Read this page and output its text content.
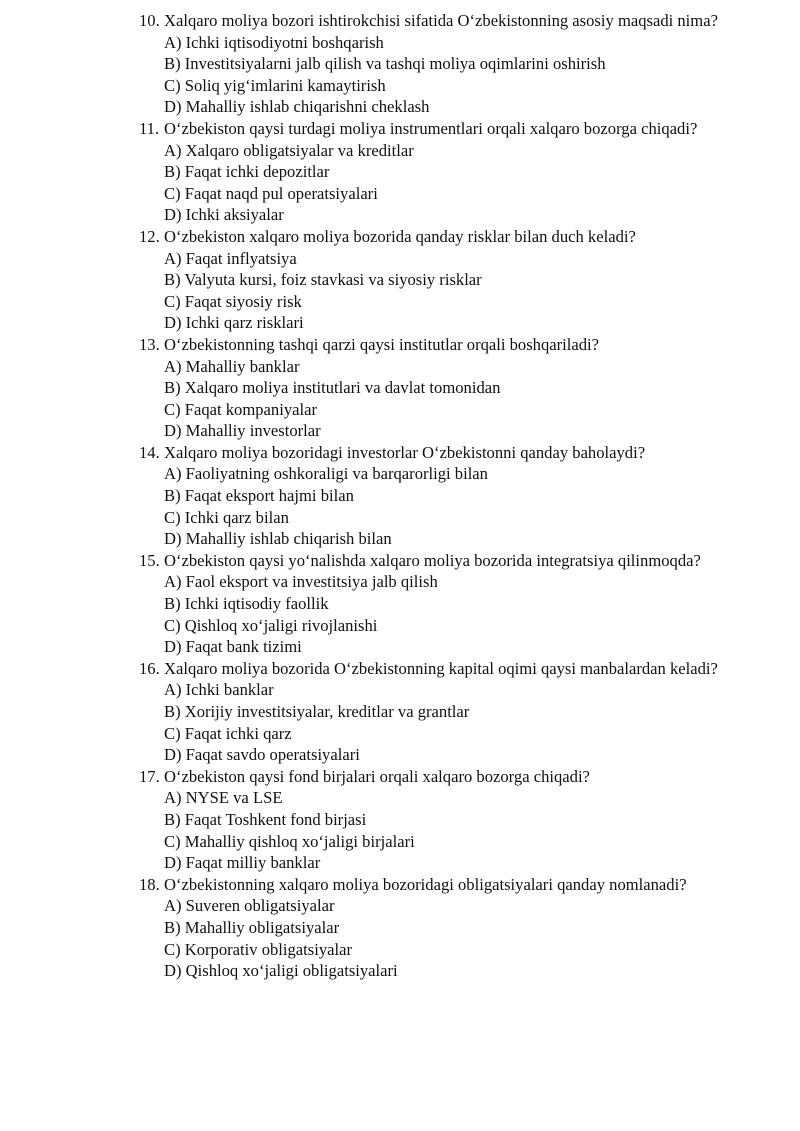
10. Xalqaro moliya bozori ishtirokchisi sifatida O‘zbekistonning asosiy maqsadi nima?
A) Ichki iqtisodiyotni boshqarish
B) Investitsiyalarni jalb qilish va tashqi moliya oqimlarini oshirish
C) Soliq yig‘imlarini kamaytirish
D) Mahalliy ishlab chiqarishni cheklash
11. O‘zbekiston qaysi turdagi moliya instrumentlari orqali xalqaro bozorga chiqadi?
A) Xalqaro obligatsiyalar va kreditlar
B) Faqat ichki depozitlar
C) Faqat naqd pul operatsiyalari
D) Ichki aksiyalar
12. O‘zbekiston xalqaro moliya bozorida qanday risklar bilan duch keladi?
A) Faqat inflyatsiya
B) Valyuta kursi, foiz stavkasi va siyosiy risklar
C) Faqat siyosiy risk
D) Ichki qarz risklari
13. O‘zbekistonning tashqi qarzi qaysi institutlar orqali boshqariladi?
A) Mahalliy banklar
B) Xalqaro moliya institutlari va davlat tomonidan
C) Faqat kompaniyalar
D) Mahalliy investorlar
14. Xalqaro moliya bozoridagi investorlar O‘zbekistonni qanday baholaydi?
A) Faoliyatning oshkoraligi va barqarorligi bilan
B) Faqat eksport hajmi bilan
C) Ichki qarz bilan
D) Mahalliy ishlab chiqarish bilan
15. O‘zbekiston qaysi yo‘nalishda xalqaro moliya bozorida integratsiya qilinmoqda?
A) Faol eksport va investitsiya jalb qilish
B) Ichki iqtisodiy faollik
C) Qishloq xo‘jaligi rivojlanishi
D) Faqat bank tizimi
16. Xalqaro moliya bozorida O‘zbekistonning kapital oqimi qaysi manbalardan keladi?
A) Ichki banklar
B) Xorijiy investitsiyalar, kreditlar va grantlar
C) Faqat ichki qarz
D) Faqat savdo operatsiyalari
17. O‘zbekiston qaysi fond birjalari orqali xalqaro bozorga chiqadi?
A) NYSE va LSE
B) Faqat Toshkent fond birjasi
C) Mahalliy qishloq xo‘jaligi birjalari
D) Faqat milliy banklar
18. O‘zbekistonning xalqaro moliya bozoridagi obligatsiyalari qanday nomlanadi?
A) Suveren obligatsiyalar
B) Mahalliy obligatsiyalar
C) Korporativ obligatsiyalar
D) Qishloq xo‘jaligi obligatsiyalari
